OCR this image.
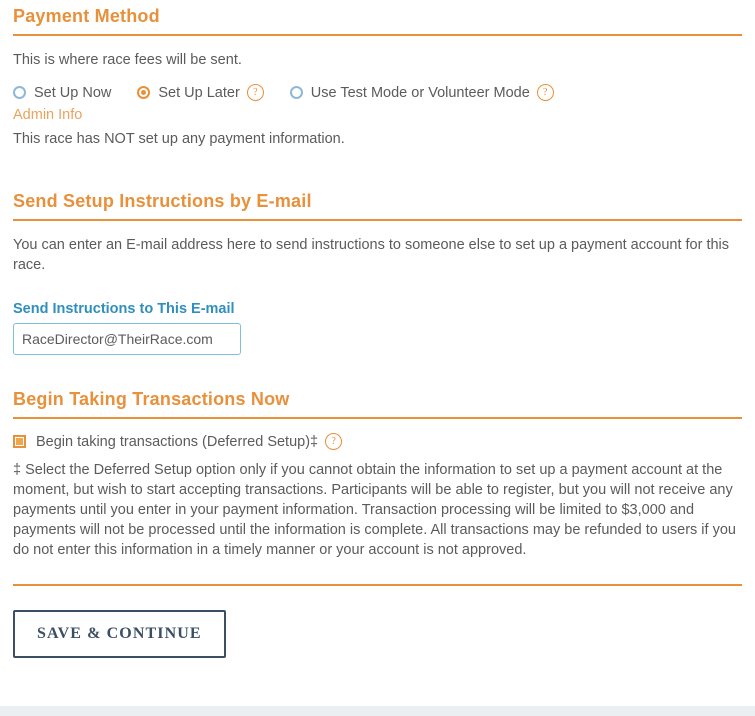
Payment Method

This is where race fees will be sent.

Set Up Now	Set Up Later	?	Use Test Mode or Volunteer Mode	?
Admin Info

This race has NOT set up any payment information.

Send Setup Instructions by E-mail

You can enter an E-mail address here to send instructions to someone else to set up a payment account for this race.

Send Instructions to This E-mail
RaceDirector@TheirRace.com
Begin Taking Transactions Now
Begin taking transactions (Deferred Setup)‡	?

‡ Select the Deferred Setup option only if you cannot obtain the information to set up a payment account at the moment, but wish to start accepting transactions. Participants will be able to register, but you will not receive any payments until you enter in your payment information. Transaction processing will be limited to $3,000 and payments will not be processed until the information is complete. All transactions may be refunded to users if you do not enter this information in a timely manner or your account is not approved.

SAVE & CONTINUE
